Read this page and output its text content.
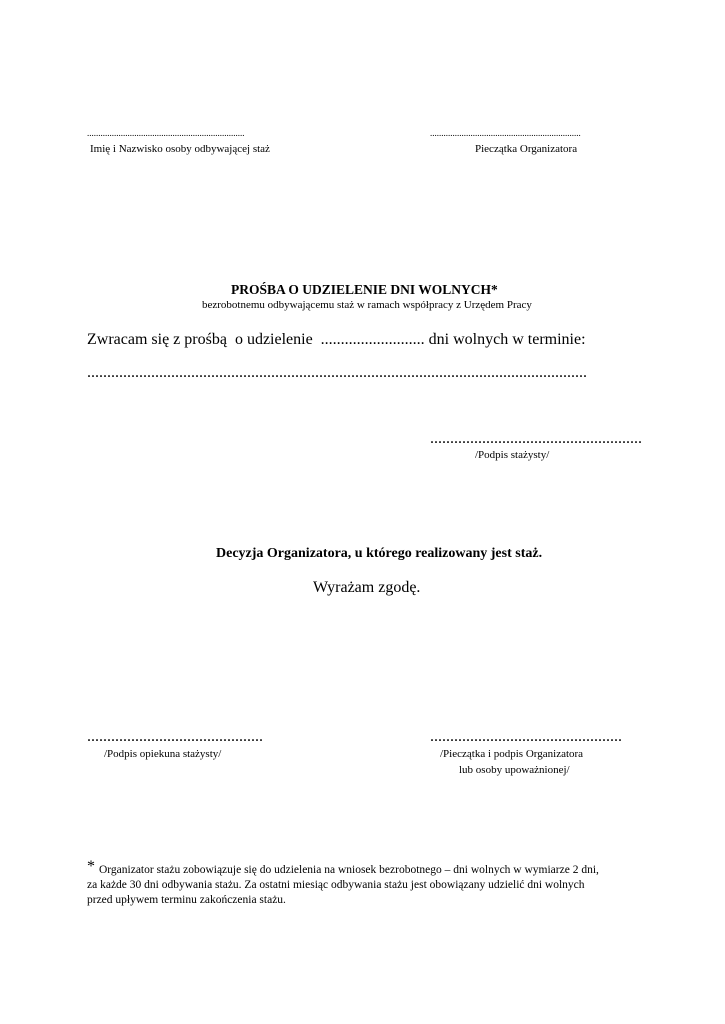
......................................................................
Imię i Nazwisko osoby odbywającej staż
...................................................................
Pieczątka Organizatora
PROŚBA O UDZIELENIE DNI WOLNYCH*
bezrobotnemu odbywającemu staż w ramach współpracy z Urzędem Pracy
Zwracam się z prośbą  o udzielenie  .......................... dni wolnych w terminie:
.............................................................................................................................
.....................................................
/Podpis stażysty/
Decyzja Organizatora, u którego realizowany jest staż.
Wyrażam zgodę.
............................................
/Podpis opiekuna stażysty/
................................................
/Pieczątka i podpis Organizatora
lub osoby upoważnionej/
* Organizator stażu zobowiązuje się do udzielenia na wniosek bezrobotnego – dni wolnych w wymiarze 2 dni,
za każde 30 dni odbywania stażu. Za ostatni miesiąc odbywania stażu jest obowiązany udzielić dni wolnych
przed upływem terminu zakończenia stażu.
